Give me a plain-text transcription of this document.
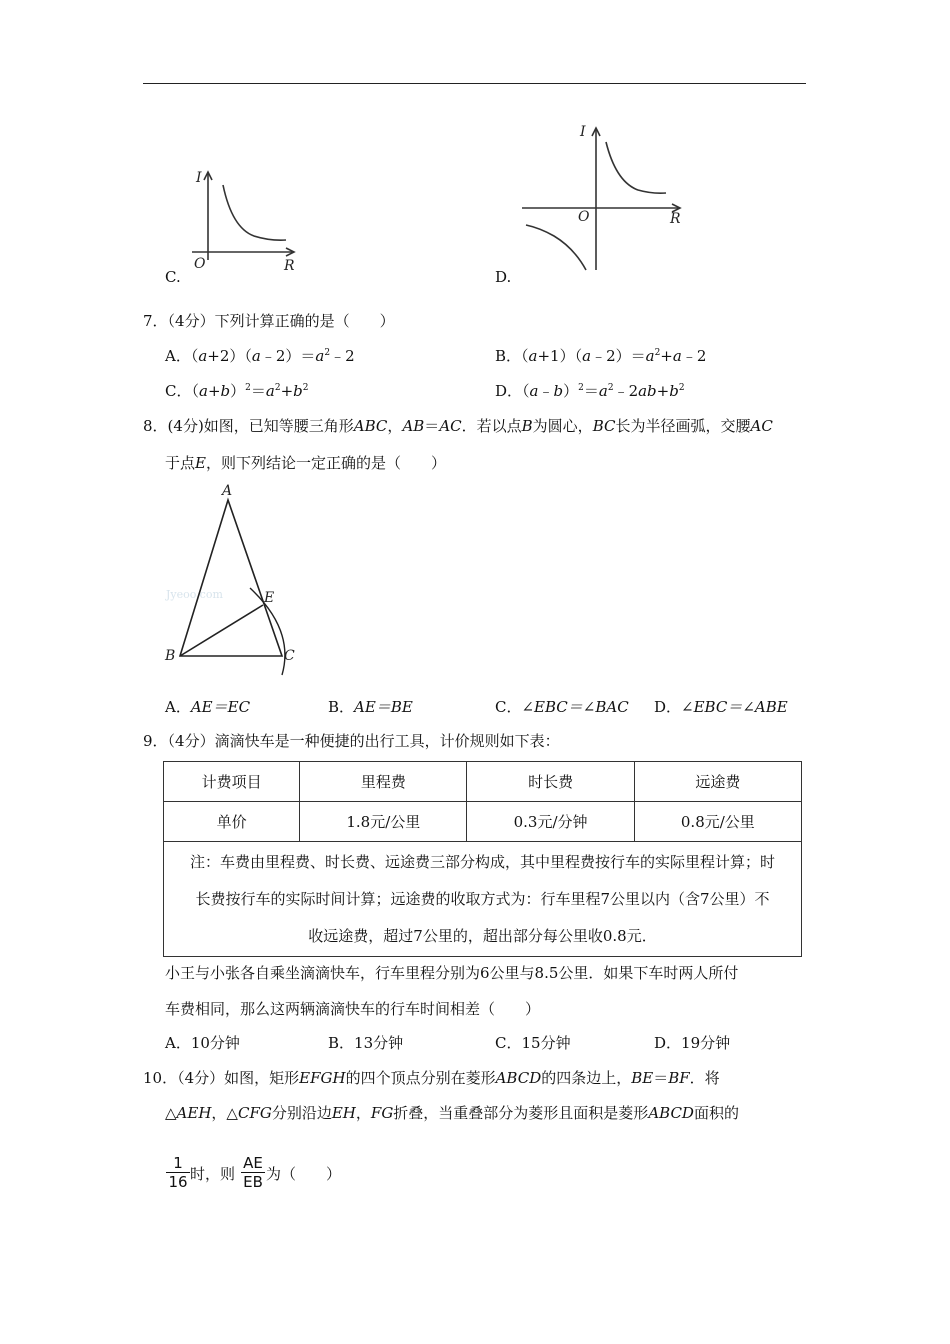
I
R
O
C.
I
R
O
D.
7．（4分）下列计算正确的是（　　）
A．$(a+2)(a﹣2)=a^2﹣2$	B．$(a+1)(a﹣2)=a^2+a﹣2$
C．$(a+b)^2=a^2+b^2$	D．$(a﹣b)^2=a^2﹣2ab+b^2$
8．(4分)如图，已知等腰三角形ABC，AB＝AC．若以点B为圆心，BC长为半径画弧，交腰AC
于点E，则下列结论一定正确的是（　　）
Jyeoo.com
A
B	C
E
A．AE＝EC	B．AE＝BE	C．∠EBC＝∠BAC D．∠EBC＝∠ABE
9．（4分）滴滴快车是一种便捷的出行工具，计价规则如下表：
计费项目	里程费	时长费	远途费
单价	1.8元/公里	0.3元/分钟	0.8元/公里

注：车费由里程费、时长费、远途费三部分构成，其中里程费按行车的实际里程计算；时
长费按行车的实际时间计算；远途费的收取方式为：行车里程7公里以内（含7公里）不
收远途费，超过7公里的，超出部分每公里收0.8元．			
小王与小张各自乘坐滴滴快车，行车里程分别为6公里与8.5公里．如果下车时两人所付
车费相同，那么这两辆滴滴快车的行车时间相差（　　）
A．10分钟	B．13分钟	C．15分钟	D．19分钟
10．（4分）如图，矩形EFGH的四个顶点分别在菱形ABCD的四条边上，BE＝BF．将
△AEH，△CFG分别沿边EH，FG折叠，当重叠部分为菱形且面积是菱形ABCD面积的
$\frac{1}{16}$ 时，则 $\frac{AE}{EB}$ 为（　　）
